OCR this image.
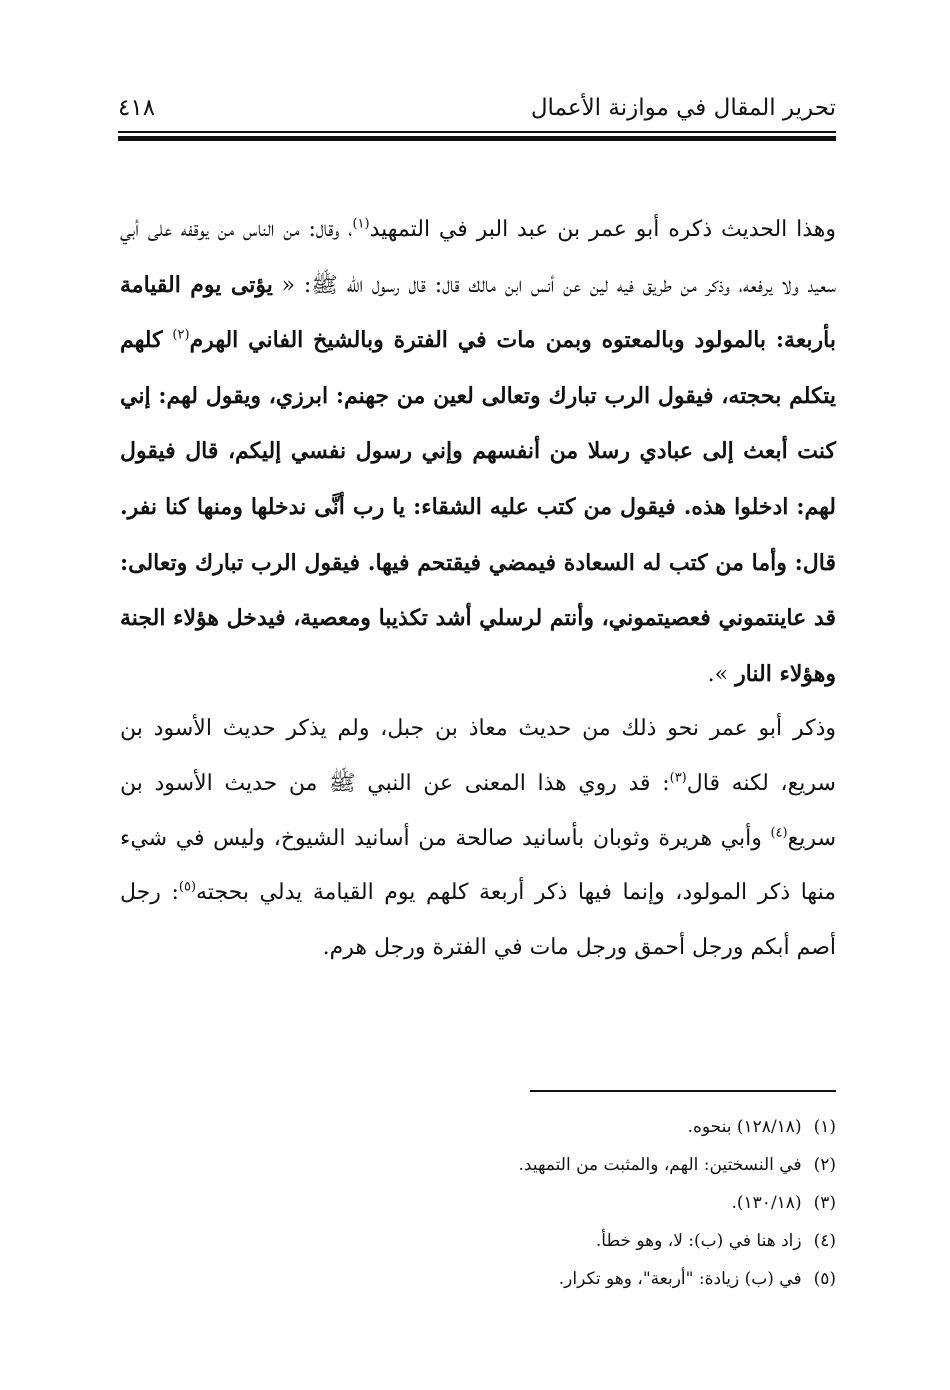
تحرير المقال في موازنة الأعمال
٤١٨

وهذا الحديث ذكره أبو عمر بن عبد البر في التمهيد$^{(١)}$، وقال: من الناس من يوقفه على أبي سعيد ولا يرفعه، وذكر من طريق فيه لين عن أنس ابن مالك قال: قال رسول الله ﷺ: « يؤتى يوم القيامة بأربعة: بالمولود وبالمعتوه وبمن مات في الفترة وبالشيخ الفاني الهرم$^{(٢)}$ كلهم يتكلم بحجته، فيقول الرب تبارك وتعالى لعين من جهنم: ابرزي، ويقول لهم: إني كنت أبعث إلى عبادي رسلا من أنفسهم وإني رسول نفسي إليكم، قال فيقول لهم: ادخلوا هذه. فيقول من كتب عليه الشقاء: يا رب أنَّى ندخلها ومنها كنا نفر. قال: وأما من كتب له السعادة فيمضي فيقتحم فيها. فيقول الرب تبارك وتعالى: قد عاينتموني فعصيتموني، وأنتم لرسلي أشد تكذيبا ومعصية، فيدخل هؤلاء الجنة وهؤلاء النار ».

وذكر أبو عمر نحو ذلك من حديث معاذ بن جبل، ولم يذكر حديث الأسود بن سريع، لكنه قال$^{(٣)}$: قد روي هذا المعنى عن النبي ﷺ من حديث الأسود بن سريع$^{(٤)}$ وأبي هريرة وثوبان بأسانيد صالحة من أسانيد الشيوخ، وليس في شيء منها ذكر المولود، وإنما فيها ذكر أربعة كلهم يوم القيامة يدلي بحجته$^{(٥)}$: رجل أصم أبكم ورجل أحمق ورجل مات في الفترة ورجل هرم.

(١)(١٢٨/١٨) بنحوه.

(٢)في النسختين: الهم، والمثبت من التمهيد.

(٣)(١٣٠/١٨).

(٤)زاد هنا في (ب): لا، وهو خطأ.

(٥)في (ب) زيادة: "أربعة"، وهو تكرار.
